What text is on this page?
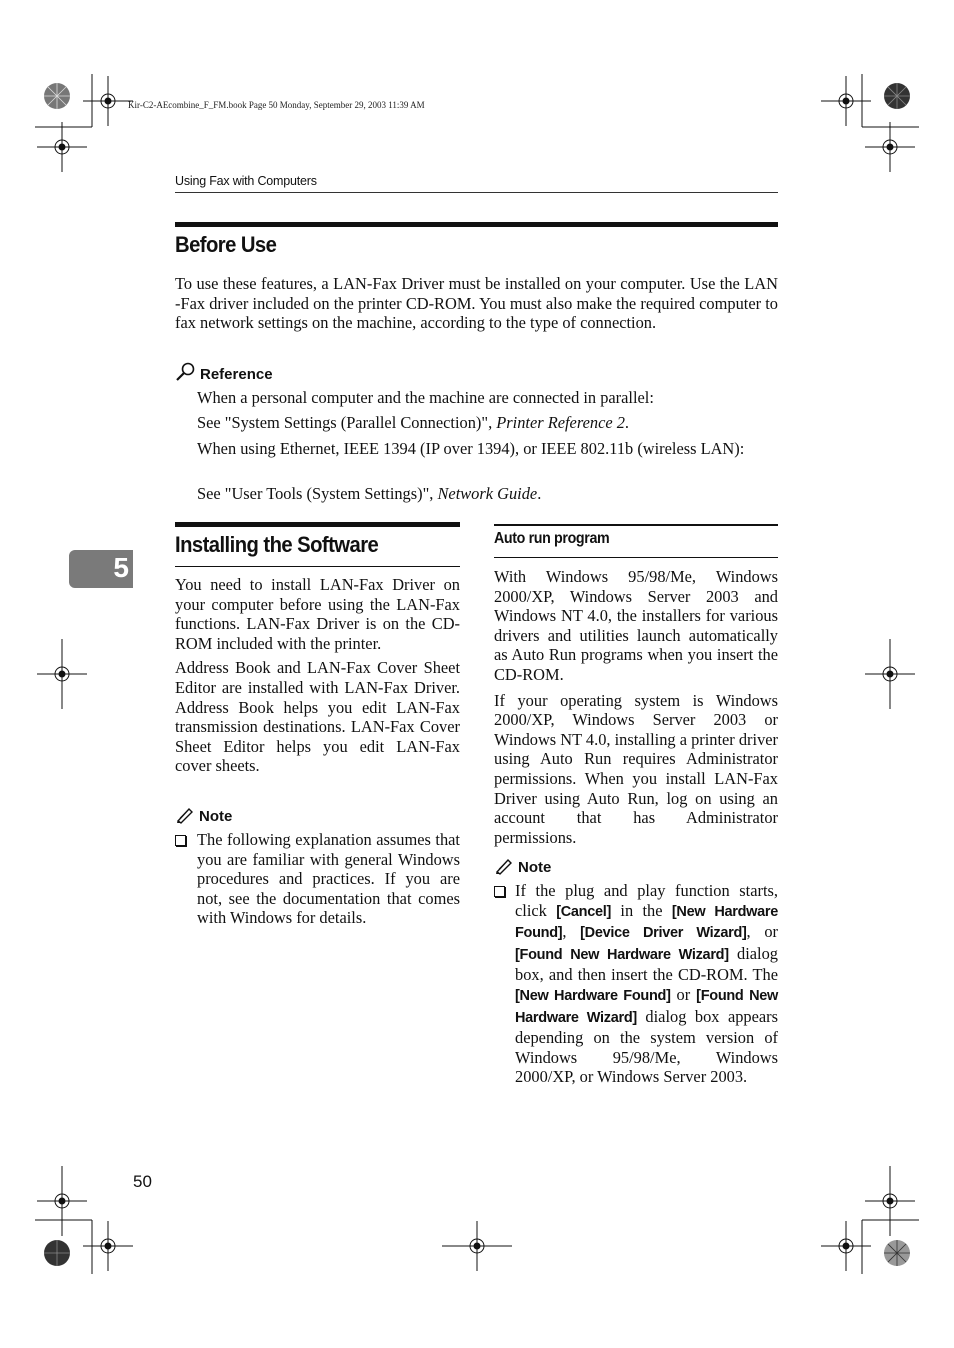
Kir-C2-AEcombine_F_FM.book Page 50 Monday, September 29, 2003 11:39 AM
Using Fax with Computers
Before Use
To use these features, a LAN-Fax Driver must be installed on your computer. Use the LAN -Fax driver included on the printer CD-ROM. You must also make the required computer to fax network settings on the machine, according to the type of connection.
Reference
When a personal computer and the machine are connected in parallel:
See "System Settings (Parallel Connection)", Printer Reference 2.
When using Ethernet, IEEE 1394 (IP over 1394), or IEEE 802.11b (wireless LAN):
See "User Tools (System Settings)", Network Guide.
5
Installing the Software

You need to install LAN-Fax Driver on your computer before using the LAN-Fax functions. LAN-Fax Driver is on the CD-ROM included with the printer.

Address Book and LAN-Fax Cover Sheet Editor are installed with LAN-Fax Driver. Address Book helps you edit LAN-Fax transmission destinations. LAN-Fax Cover Sheet Editor helps you edit LAN-Fax cover sheets.

Note

The following explanation assumes that you are familiar with general Windows procedures and practices. If you are not, see the documentation that comes with Windows for details.

Auto run program

With Windows 95/98/Me, Windows 2000/XP, Windows Server 2003 and Windows NT 4.0, the installers for various drivers and utilities launch automatically as Auto Run programs when you insert the CD-ROM.

If your operating system is Windows 2000/XP, Windows Server 2003 or Windows NT 4.0, installing a printer driver using Auto Run requires Administrator permissions. When you install LAN-Fax Driver using Auto Run, log on using an account that has Administrator permissions.

Note

If the plug and play function starts, click [Cancel] in the [New Hardware Found], [Device Driver Wizard], or [Found New Hardware Wizard] dialog box, and then insert the CD-ROM. The [New Hardware Found] or [Found New Hardware Wizard] dialog box appears depending on the system version of Windows 95/98/Me, Windows 2000/XP, or Windows Server 2003.

50
